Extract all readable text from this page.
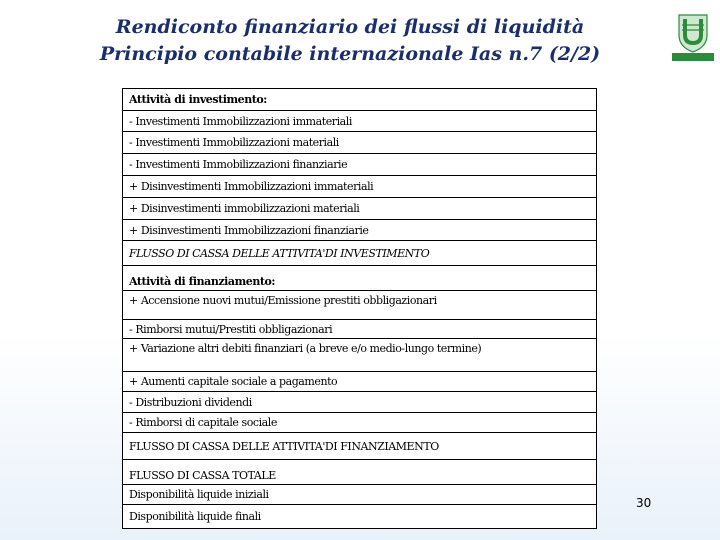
Rendiconto finanziario dei flussi di liquidità
Principio contabile internazionale Ias n.7 (2/2)
Attività di investimento:
- Investimenti Immobilizzazioni immateriali
- Investimenti Immobilizzazioni materiali
- Investimenti Immobilizzazioni finanziarie
+ Disinvestimenti Immobilizzazioni immateriali
+ Disinvestimenti immobilizzazioni materiali
+ Disinvestimenti Immobilizzazioni finanziarie
FLUSSO DI CASSA DELLE ATTIVITA'DI INVESTIMENTO
Attività di finanziamento:
+ Accensione nuovi mutui/Emissione prestiti obbligazionari
- Rimborsi mutui/Prestiti obbligazionari
+ Variazione altri debiti finanziari (a breve e/o medio-lungo termine)
+ Aumenti capitale sociale a pagamento
- Distribuzioni dividendi
- Rimborsi di capitale sociale
FLUSSO DI CASSA DELLE ATTIVITA'DI FINANZIAMENTO
FLUSSO DI CASSA TOTALE
Disponibilità liquide iniziali
Disponibilità liquide finali
30
